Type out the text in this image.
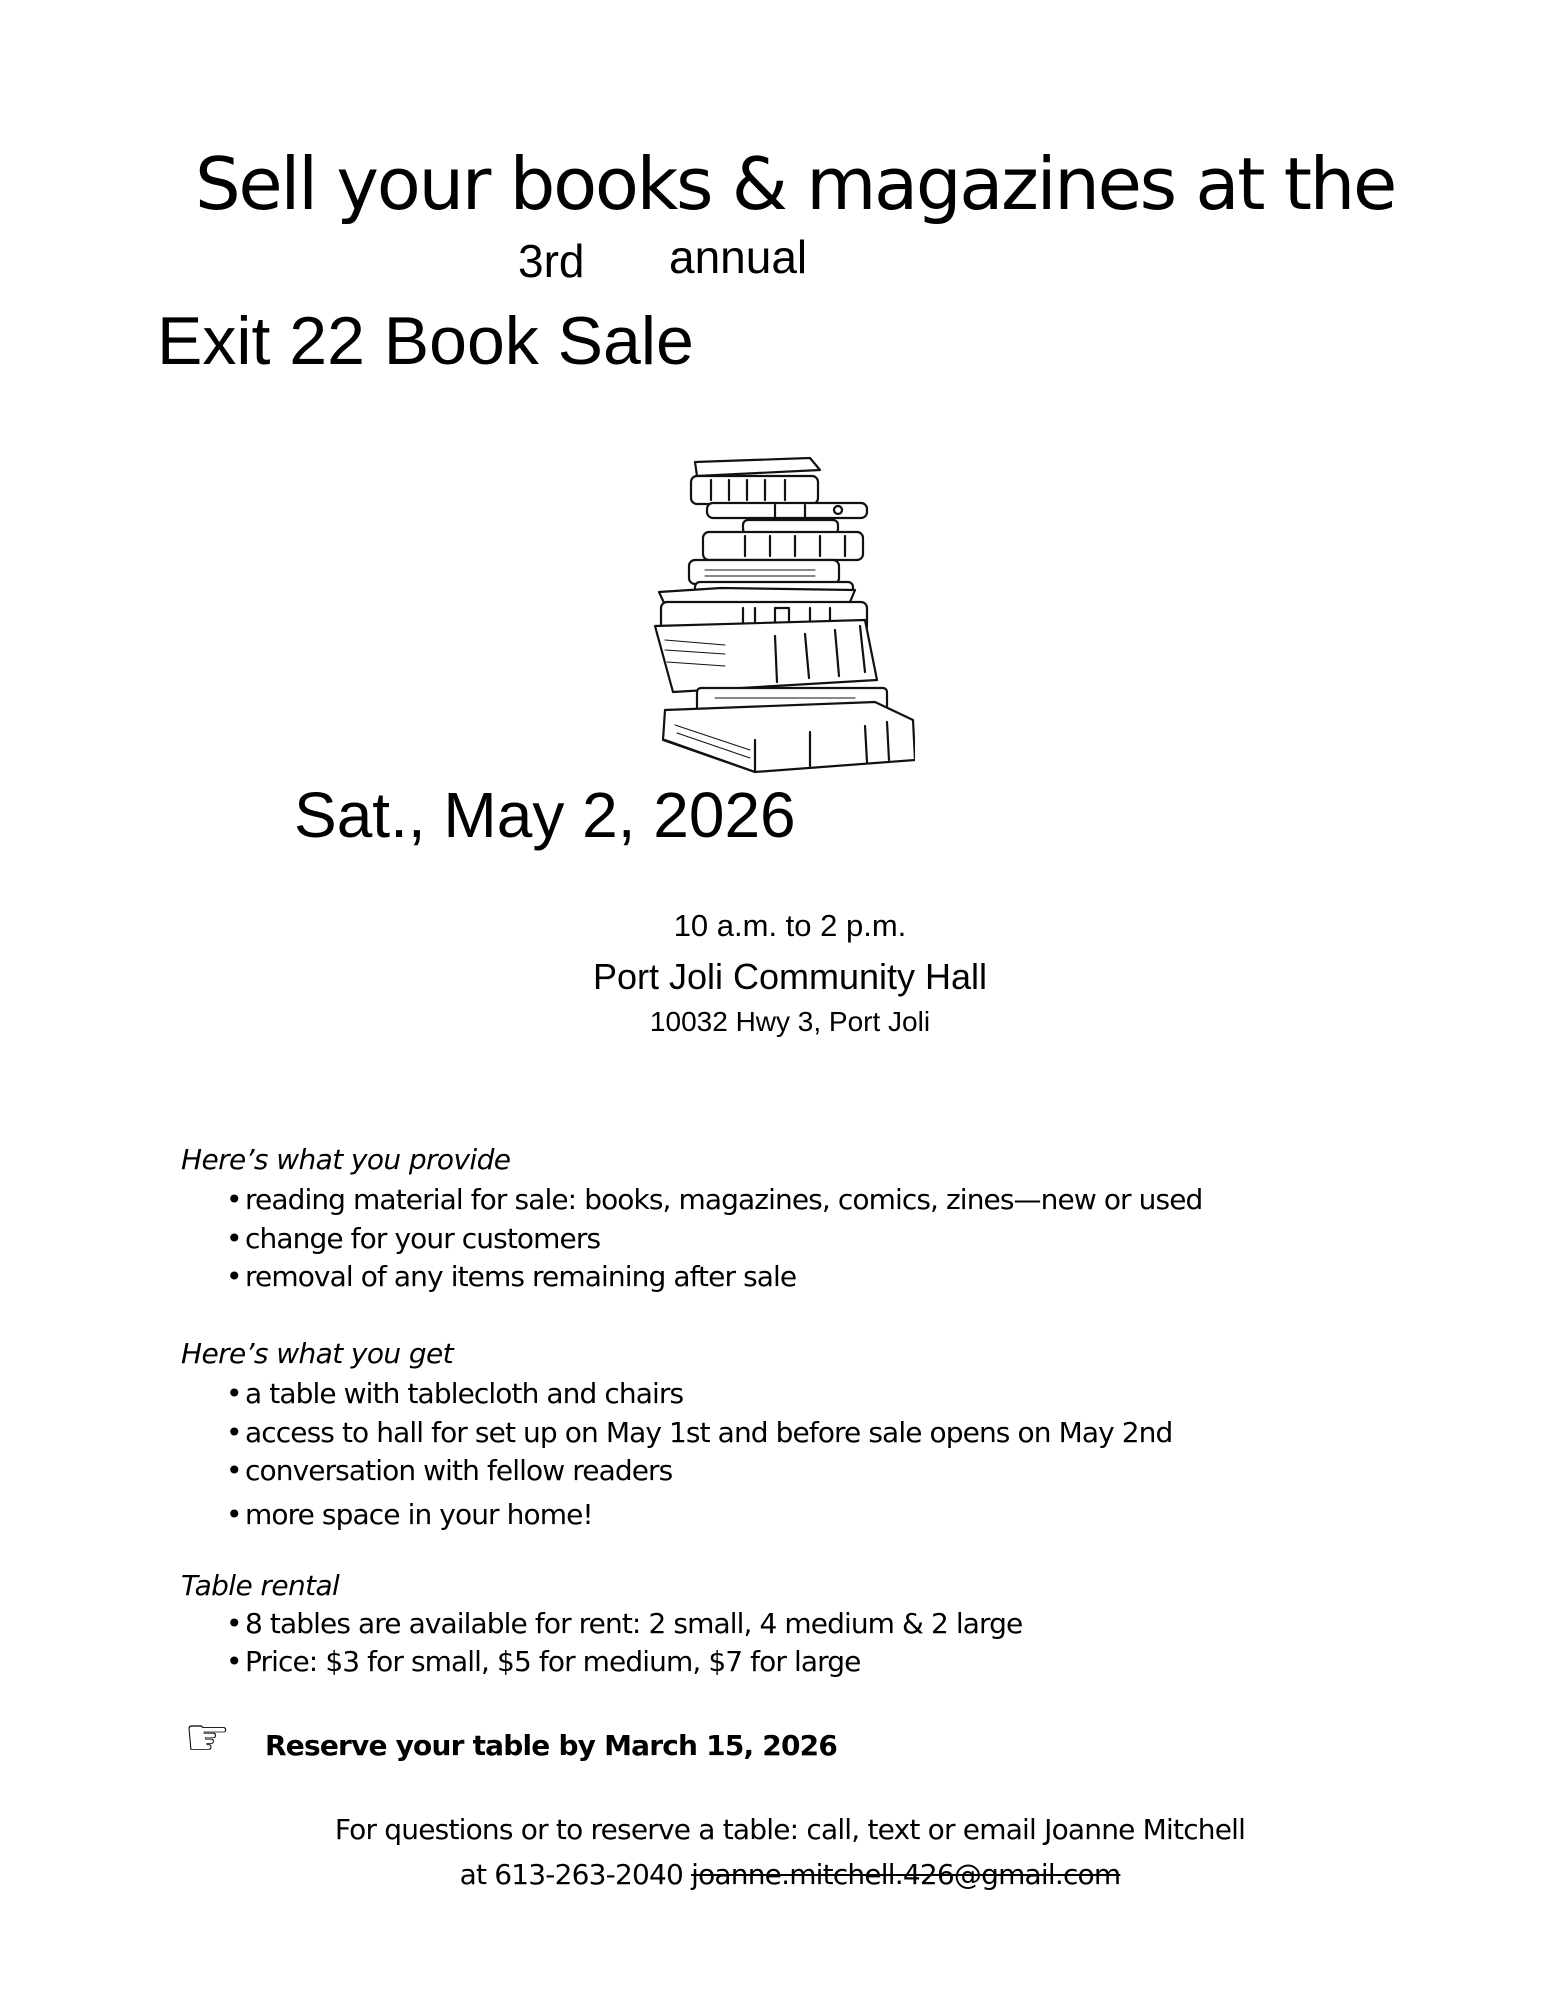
Sell your books & magazines at the
3rd annual
Exit 22 Book Sale
Sat., May 2, 2026
10 a.m. to 2 p.m.
Port Joli Community Hall
10032 Hwy 3, Port Joli
Here’s what you provide
• reading material for sale: books, magazines, comics, zines—new or used
• change for your customers
• removal of any items remaining after sale
Here’s what you get
• a table with tablecloth and chairs
• access to hall for set up on May 1st and before sale opens on May 2nd
• conversation with fellow readers
• more space in your home!
Table rental
• 8 tables are available for rent: 2 small, 4 medium & 2 large
• Price: $3 for small, $5 for medium, $7 for large
☞ Reserve your table by March 15, 2026
For questions or to reserve a table: call, text or email Joanne Mitchell
at 613-263-2040 joanne.mitchell.426@gmail.com
